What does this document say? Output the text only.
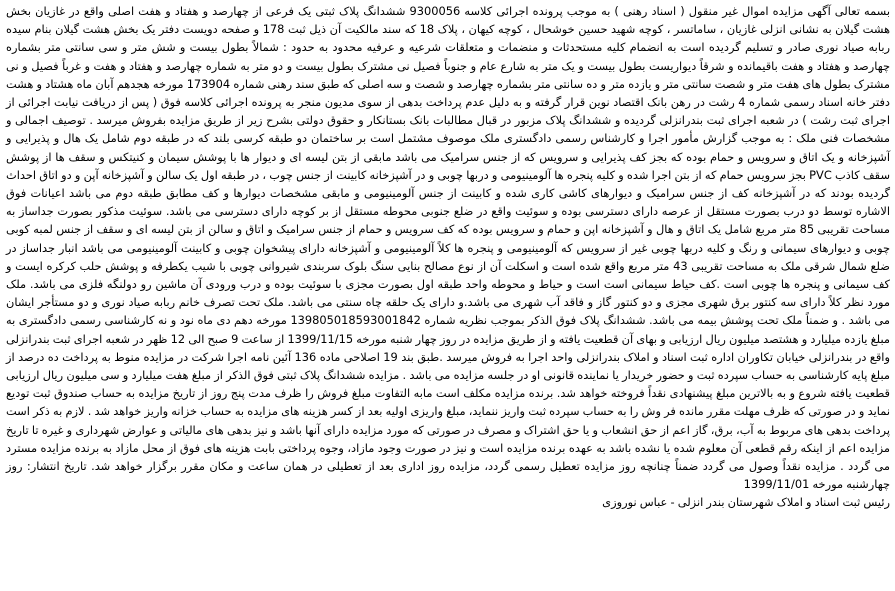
بسمه تعالی آگهی مزایده اموال غیر منقول ( اسناد رهنی ) به موجب پرونده اجرائی کلاسه 9300056 ششدانگ پلاک ثبتی یک فرعی از چهارصد و هفتاد و هفت اصلی واقع در غازیان بخش هشت گیلان به نشانی انزلی غازیان ، ساماتسر ، کوچه شهید حسین خوشحال ، کوچه کیهان ، پلاک 18 که سند مالکیت آن ذیل ثبت 178 و صفحه دویست دفتر یک بخش هشت گیلان بنام سیده ربابه صیاد نوری صادر و تسلیم گردیده است به انضمام کلیه مستحدثات و منضمات و متعلقات شرعیه و عرفیه محدود به حدود : شمالاً بطول بیست و شش متر و سی سانتی متر بشماره چهارصد و هفتاد و هفت باقیمانده و شرقاً دیواریست بطول بیست و یک متر به شارع عام و جنوباً فصیل نی مشترک بطول بیست و دو متر به شماره چهارصد و هفتاد و هفت و غرباً فصیل و نی مشترک بطول های هفت متر و شصت سانتی متر و یازده متر و ده سانتی متر بشماره چهارصد و شصت و سه اصلی که طبق سند رهنی شماره 173904 مورخه هجدهم آبان ماه هشتاد و هشت دفتر خانه اسناد رسمی شماره 4 رشت در رهن بانک اقتصاد نوین قرار گرفته و به دلیل عدم پرداخت بدهی از سوی مدیون منجر به پرونده اجرائی کلاسه فوق ( پس از دریافت نیابت اجرائی از اجرای ثبت رشت ) در شعبه اجرای ثبت بندرانزلی گردیده و ششدانگ پلاک مزبور در قبال مطالبات بانک بستانکار و حقوق دولتی بشرح زیر از طریق مزایده بفروش میرسد . توصیف اجمالی و مشخصات فنی ملک : به موجب گزارش مأمور اجرا و کارشناس رسمی دادگستری ملک موصوف مشتمل است بر ساختمان دو طبقه کرسی بلند که در طبقه دوم شامل یک هال و پذیرایی و آشپزخانه و یک اتاق و سرویس و حمام بوده که بجز کف پذیرایی و سرویس که از جنس سرامیک می باشد مابقی از بتن لیسه ای و دیوار ها با پوشش سیمان و کنیتکس و سقف ها از پوشش سقف کاذب PVC بجز سرویس حمام که از بتن اجرا شده و کلیه پنجره ها آلومینیومی و دربها چوبی و در آشپزخانه کابینت از جنس چوب ، در طبقه اول یک سالن و آشپزخانه آپن و دو اتاق احداث گردیده بودند که در آشپزخانه کف از جنس سرامیک و دیوارهای کاشی کاری شده و کابینت از جنس آلومینیومی و مابقی مشخصات دیوارها و کف مطابق طبقه دوم می باشد اعیانات فوق الاشاره توسط دو درب بصورت مستقل از عرصه دارای دسترسی بوده و سوئیت واقع در ضلع جنوبی محوطه مستقل از بر کوچه دارای دسترسی می باشد. سوئیت مذکور بصورت جداساز به مساحت تقریبی 85 متر مربع شامل یک اتاق و هال و آشپزخانه اپن و حمام و سرویس بوده که کف سرویس و حمام از جنس سرامیک و اتاق و سالن از بتن لیسه ای و سقف از جنس لمبه کوبی چوبی و دیوارهای سیمانی و رنگ و کلیه دربها چوبی غیر از سرویس که آلومینیومی و پنجره ها کلاً آلومینیومی و آشپزخانه دارای پیشخوان چوبی و کابینت آلومینیومی می باشد انبار جداساز در ضلع شمال شرقی ملک به مساحت تقریبی 43 متر مربع واقع شده است و اسکلت آن از نوع مصالح بنایی سنگ بلوک سربندی شیروانی چوبی با شیب یکطرفه و پوشش حلب کرکره ایست و کف سیمانی و پنجره ها چوبی است .کف حیاط سیمانی است است و حیاط و محوطه واحد طبقه اول بصورت مجزی با سوئیت بوده و درب ورودی آن ماشین رو دولنگه فلزی می باشد. ملک مورد نظر کلاً دارای سه کنتور برق شهری مجزی و دو کنتور گاز و فاقد آب شهری می باشد.و دارای یک حلقه چاه سنتی می باشد. ملک تحت تصرف خانم ربابه صیاد نوری و دو مستأجر ایشان می باشد . و ضمناً ملک تحت پوشش بیمه می باشد. ششدانگ پلاک فوق الذکر بموجب نظریه شماره 139805018593001842 مورخه دهم دی ماه نود و نه کارشناسی رسمی دادگستری به مبلغ یازده میلیارد و هشتصد میلیون ریال ارزیابی و بهای آن قطعیت یافته و از طریق مزایده در روز چهار شنبه مورخه 1399/11/15 از ساعت 9 صبح الی 12 ظهر در شعبه اجرای ثبت بندرانزلی واقع در بندرانزلی خیابان تکاوران اداره ثبت اسناد و املاک بندرانزلی واحد اجرا به فروش میرسد .طبق بند 19 اصلاحی ماده 136 آئین نامه اجرا شرکت در مزایده منوط به پرداخت ده درصد از مبلغ پایه کارشناسی به حساب سپرده ثبت و حضور خریدار یا نماینده قانونی او در جلسه مزایده می باشد . مزایده ششدانگ پلاک ثبتی فوق الذکر از مبلغ هفت میلیارد و سی میلیون ریال ارزیابی قطعیت یافته شروع و به بالاترین مبلغ پیشنهادی نقداً فروخته خواهد شد. برنده مزایده مکلف است مابه التفاوت مبلغ فروش را ظرف مدت پنج روز از تاریخ مزایده به حساب صندوق ثبت تودیع نماید و در صورتی که ظرف مهلت مقرر مانده فر وش را به حساب سپرده ثبت واریز ننماید، مبلغ واریزی اولیه بعد از کسر هزینه های مزایده به حساب خزانه واریز خواهد شد . لازم به ذکر است پرداخت بدهی های مربوط به آب، برق، گاز اعم از حق انشعاب و یا حق اشتراک و مصرف در صورتی که مورد مزایده دارای آنها باشد و نیز بدهی های مالیاتی و عوارض شهرداری و غیره تا تاریخ مزایده اعم از اینکه رقم قطعی آن معلوم شده یا نشده باشد به عهده برنده مزایده است و نیز در صورت وجود مازاد، وجوه پرداختی بابت هزینه های فوق از محل مازاد به برنده مزایده مسترد می گردد . مزایده نقداً وصول می گردد ضمناً چنانچه روز مزایده تعطیل رسمی گردد، مزایده روز اداری بعد از تعطیلی در همان ساعت و مکان مقرر برگزار خواهد شد. تاریخ انتشار: روز چهارشنبه مورخه 1399/11/01
رئیس ثبت اسناد و املاک شهرستان بندر انزلی - عباس نوروزی
